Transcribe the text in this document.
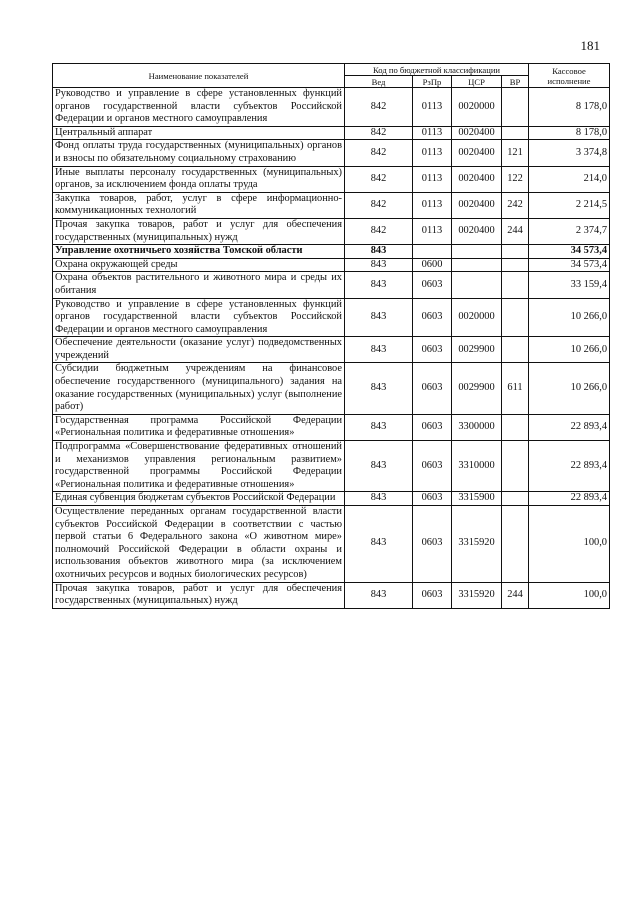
181
Наименование показателей	Код по бюджетной классификации				Кассовое исполнение
	Вед	РзПр	ЦСР	ВР	
Руководство и управление в сфере установленных функций органов государственной власти субъектов Российской Федерации и органов местного самоуправления	842	0113	0020000		8 178,0
Центральный аппарат	842	0113	0020400		8 178,0
Фонд оплаты труда государственных (муниципальных) органов и взносы по обязательному социальному страхованию	842	0113	0020400	121	3 374,8
Иные выплаты персоналу государственных (муниципальных) органов, за исключением фонда оплаты труда	842	0113	0020400	122	214,0
Закупка товаров, работ, услуг в сфере информационно-коммуникационных технологий	842	0113	0020400	242	2 214,5
Прочая закупка товаров, работ и услуг для обеспечения государственных (муниципальных) нужд	842	0113	0020400	244	2 374,7
Управление охотничьего хозяйства Томской области	843				34 573,4
Охрана окружающей среды	843	0600			34 573,4
Охрана объектов растительного и животного мира и среды их обитания	843	0603			33 159,4
Руководство и управление в сфере установленных функций органов государственной власти субъектов Российской Федерации и органов местного самоуправления	843	0603	0020000		10 266,0
Обеспечение деятельности (оказание услуг) подведомственных учреждений	843	0603	0029900		10 266,0
Субсидии бюджетным учреждениям на финансовое обеспечение государственного (муниципального) задания на оказание государственных (муниципальных) услуг (выполнение работ)	843	0603	0029900	611	10 266,0
Государственная программа Российской Федерации «Региональная политика и федеративные отношения»	843	0603	3300000		22 893,4
Подпрограмма «Совершенствование федеративных отношений и механизмов управления региональным развитием» государственной программы Российской Федерации «Региональная политика и федеративные отношения»	843	0603	3310000		22 893,4
Единая субвенция бюджетам субъектов Российской Федерации	843	0603	3315900		22 893,4
Осуществление переданных органам государственной власти субъектов Российской Федерации в соответствии с частью первой статьи 6 Федерального закона «О животном мире» полномочий Российской Федерации в области охраны и использования объектов животного мира (за исключением охотничьих ресурсов и водных биологических ресурсов)	843	0603	3315920		100,0
Прочая закупка товаров, работ и услуг для обеспечения государственных (муниципальных) нужд	843	0603	3315920	244	100,0
